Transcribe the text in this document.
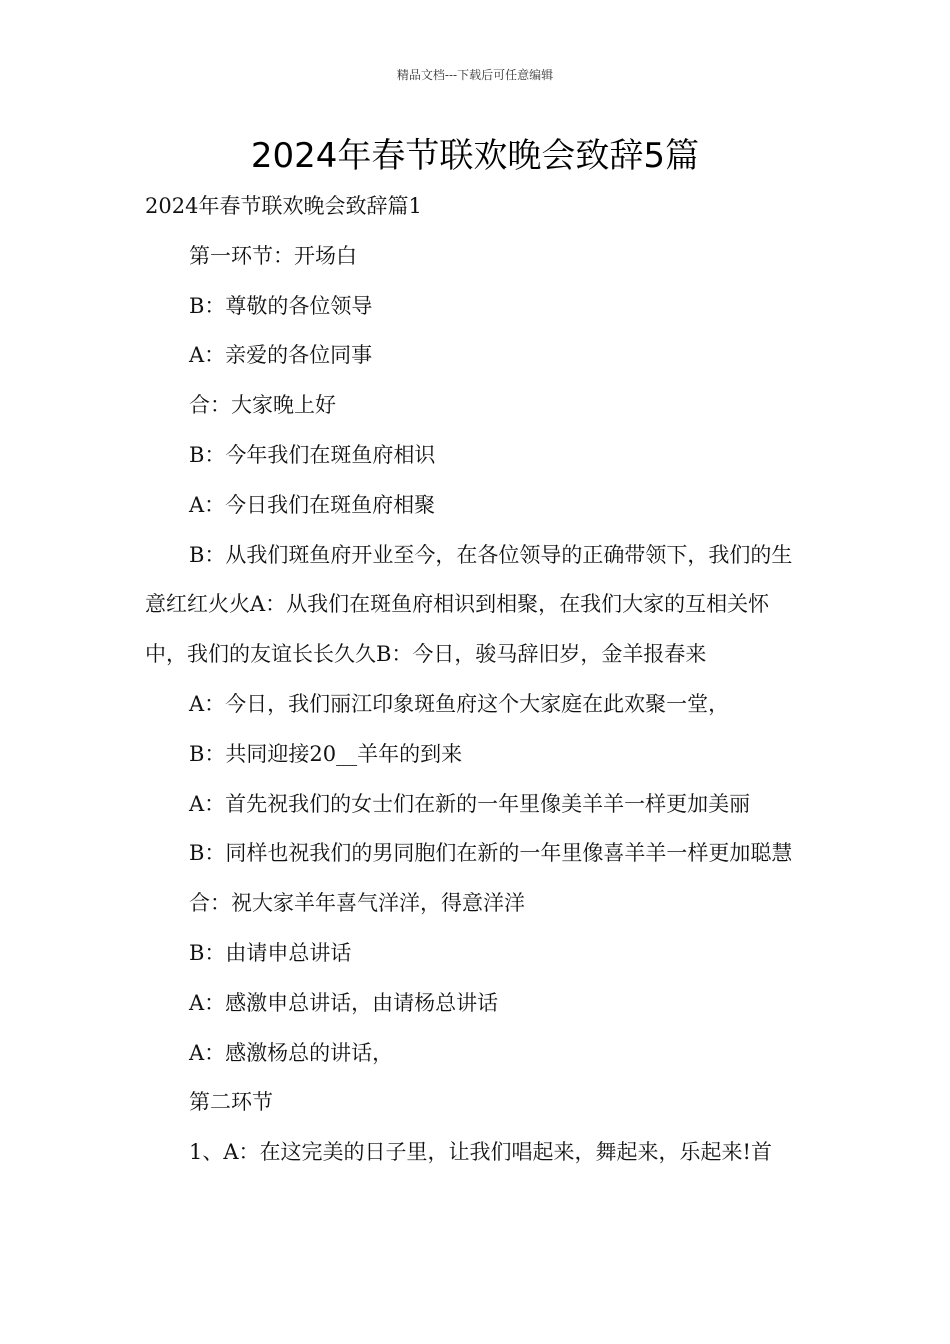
精品文档---下载后可任意编辑
2024年春节联欢晚会致辞5篇

2024年春节联欢晚会致辞篇1

第一环节：开场白

B：尊敬的各位领导

A：亲爱的各位同事

合：大家晚上好

B：今年我们在斑鱼府相识

A：今日我们在斑鱼府相聚

B：从我们斑鱼府开业至今，在各位领导的正确带领下，我们的生意红红火火A：从我们在斑鱼府相识到相聚，在我们大家的互相关怀中，我们的友谊长长久久B：今日，骏马辞旧岁，金羊报春来

A：今日，我们丽江印象斑鱼府这个大家庭在此欢聚一堂，

B：共同迎接20__羊年的到来

A：首先祝我们的女士们在新的一年里像美羊羊一样更加美丽

B：同样也祝我们的男同胞们在新的一年里像喜羊羊一样更加聪慧

合：祝大家羊年喜气洋洋，得意洋洋

B：由请申总讲话

A：感激申总讲话，由请杨总讲话

A：感激杨总的讲话，

第二环节

1、A：在这完美的日子里，让我们唱起来，舞起来，乐起来!首
